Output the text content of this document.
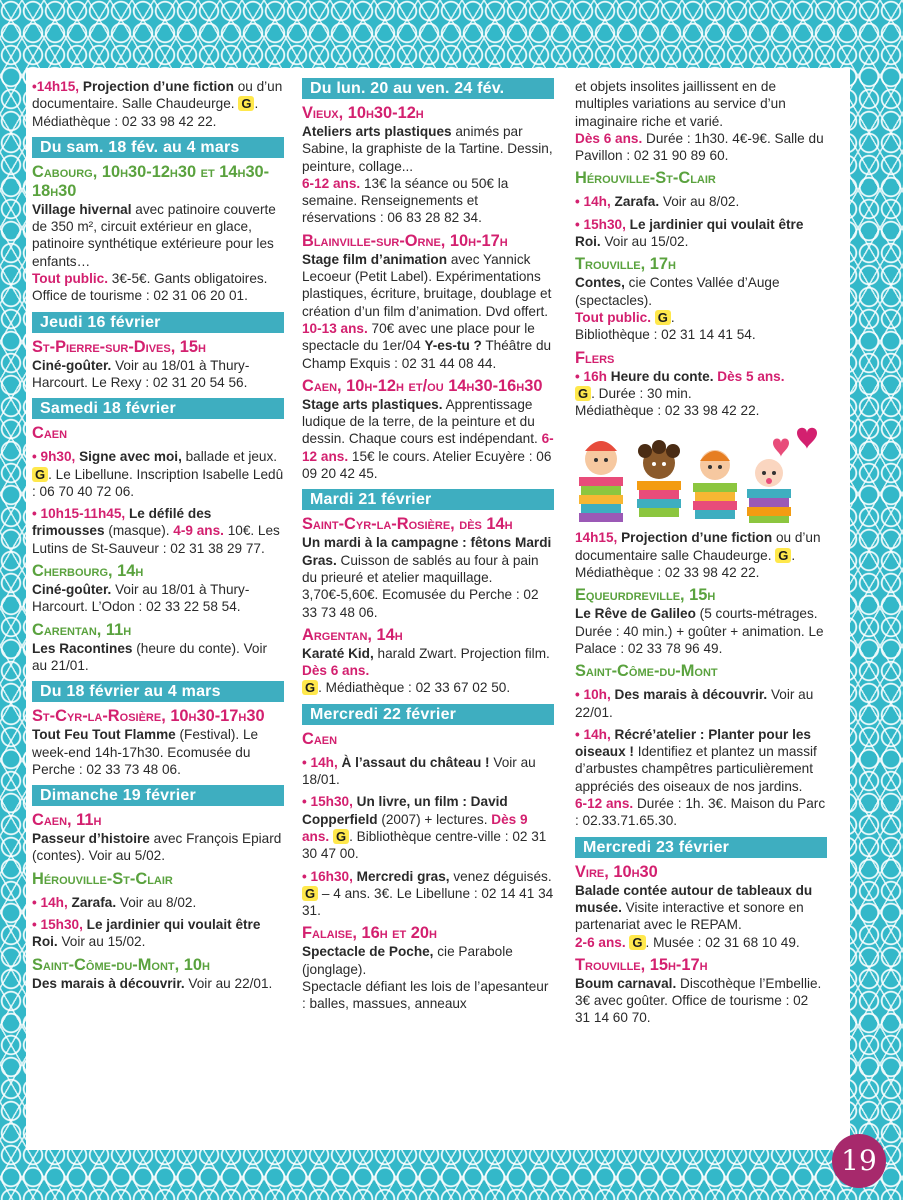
•14h15, Projection d’une fiction ou d’un documentaire. Salle Chaudeurge. G .
Médiathèque : 02 33 98 42 22.
Du sam. 18 fév. au 4 mars
Cabourg, 10h30-12h30 et 14h30-18h30
Village hivernal avec patinoire couverte de 350 m², circuit extérieur en glace, patinoire synthétique extérieure pour les enfants…
Tout public. 3€-5€. Gants obligatoires. Office de tourisme : 02 31 06 20 01.
Jeudi 16 février
St-Pierre-sur-Dives, 15h
Ciné-goûter. Voir au 18/01 à Thury-Harcourt. Le Rexy : 02 31 20 54 56.
Samedi 18 février
Caen
• 9h30, Signe avec moi, ballade et jeux. G . Le Libellune. Inscription Isabelle Ledû : 06 70 40 72 06.
• 10h15-11h45, Le défilé des frimousses (masque). 4-9 ans. 10€. Les Lutins de St-Sauveur : 02 31 38 29 77.
Cherbourg, 14h
Ciné-goûter. Voir au 18/01 à Thury-Harcourt. L’Odon : 02 33 22 58 54.
Carentan, 11h
Les Racontines (heure du conte). Voir au 21/01.
Du 18 février au 4 mars
St-Cyr-la-Rosière, 10h30-17h30
Tout Feu Tout Flamme (Festival). Le week-end 14h-17h30. Ecomusée du Perche : 02 33 73 48 06.
Dimanche 19 février
Caen, 11h
Passeur d’histoire avec François Epiard (contes). Voir au 5/02.
Hérouville-St-Clair
• 14h, Zarafa. Voir au 8/02.
• 15h30, Le jardinier qui voulait être Roi. Voir au 15/02.
Saint-Côme-du-Mont, 10h
Des marais à découvrir. Voir au 22/01.
Du lun. 20 au ven. 24 fév.
Vieux, 10h30-12h
Ateliers arts plastiques animés par Sabine, la graphiste de la Tartine. Dessin, peinture, collage...
6-12 ans. 13€ la séance ou 50€ la semaine. Renseignements et réservations : 06 83 28 82 34.
Blainville-sur-Orne, 10h-17h
Stage film d’animation avec Yannick Lecoeur (Petit Label). Expérimentations plastiques, écriture, bruitage, doublage et création d’un film d’animation. Dvd offert.
10-13 ans. 70€ avec une place pour le spectacle du 1er/04 Y-es-tu ? Théâtre du Champ Exquis : 02 31 44 08 44.
Caen, 10h-12h et/ou 14h30-16h30
Stage arts plastiques. Apprentissage ludique de la terre, de la peinture et du dessin. Chaque cours est indépendant. 6-12 ans. 15€ le cours. Atelier Ecuyère : 06 09 20 42 45.
Mardi 21 février
Saint-Cyr-la-Rosière, dès 14h
Un mardi à la campagne : fêtons Mardi Gras. Cuisson de sablés au four à pain du prieuré et atelier maquillage. 3,70€-5,60€. Ecomusée du Perche : 02 33 73 48 06.
Argentan, 14h
Karaté Kid, harald Zwart. Projection film. Dès 6 ans.
G . Médiathèque : 02 33 67 02 50.
Mercredi 22 février
Caen
• 14h, À l’assaut du château ! Voir au 18/01.
• 15h30, Un livre, un film : David Copperfield (2007) + lectures. Dès 9 ans. G . Bibliothèque centre-ville : 02 31 30 47 00.
• 16h30, Mercredi gras, venez déguisés. G – 4 ans. 3€. Le Libellune : 02 14 41 34 31.
Falaise, 16h et 20h
Spectacle de Poche, cie Parabole (jonglage).
Spectacle défiant les lois de l’apesanteur : balles, massues, anneaux
et objets insolites jaillissent en de multiples variations au service d’un imaginaire riche et varié.
Dès 6 ans. Durée : 1h30. 4€-9€. Salle du Pavillon : 02 31 90 89 60.
Hérouville-St-Clair
• 14h, Zarafa. Voir au 8/02.
• 15h30, Le jardinier qui voulait être Roi. Voir au 15/02.
Trouville, 17h
Contes, cie Contes Vallée d’Auge (spectacles).
Tout public. G .
Bibliothèque : 02 31 14 41 54.
Flers
• 16h Heure du conte. Dès 5 ans.
G . Durée : 30 min.
Médiathèque : 02 33 98 42 22.
14h15, Projection d’une fiction ou d’un documentaire salle Chaudeurge. G .
Médiathèque : 02 33 98 42 22.
Equeurdreville, 15h
Le Rêve de Galileo (5 courts-métrages. Durée : 40 min.) + goûter + animation. Le Palace : 02 33 78 96 49.
Saint-Côme-du-Mont
• 10h, Des marais à découvrir. Voir au 22/01.
• 14h, Récré’atelier : Planter pour les oiseaux ! Identifiez et plantez un massif d’arbustes champêtres particulièrement appréciés des oiseaux de nos jardins.
6-12 ans. Durée : 1h. 3€. Maison du Parc : 02.33.71.65.30.
Mercredi 23 février
Vire, 10h30
Balade contée autour de tableaux du musée. Visite interactive et sonore en partenariat avec le REPAM.
2-6 ans. G . Musée : 02 31 68 10 49.
Trouville, 15h-17h
Boum carnaval. Discothèque l’Embellie. 3€ avec goûter. Office de tourisme : 02 31 14 60 70.
19
